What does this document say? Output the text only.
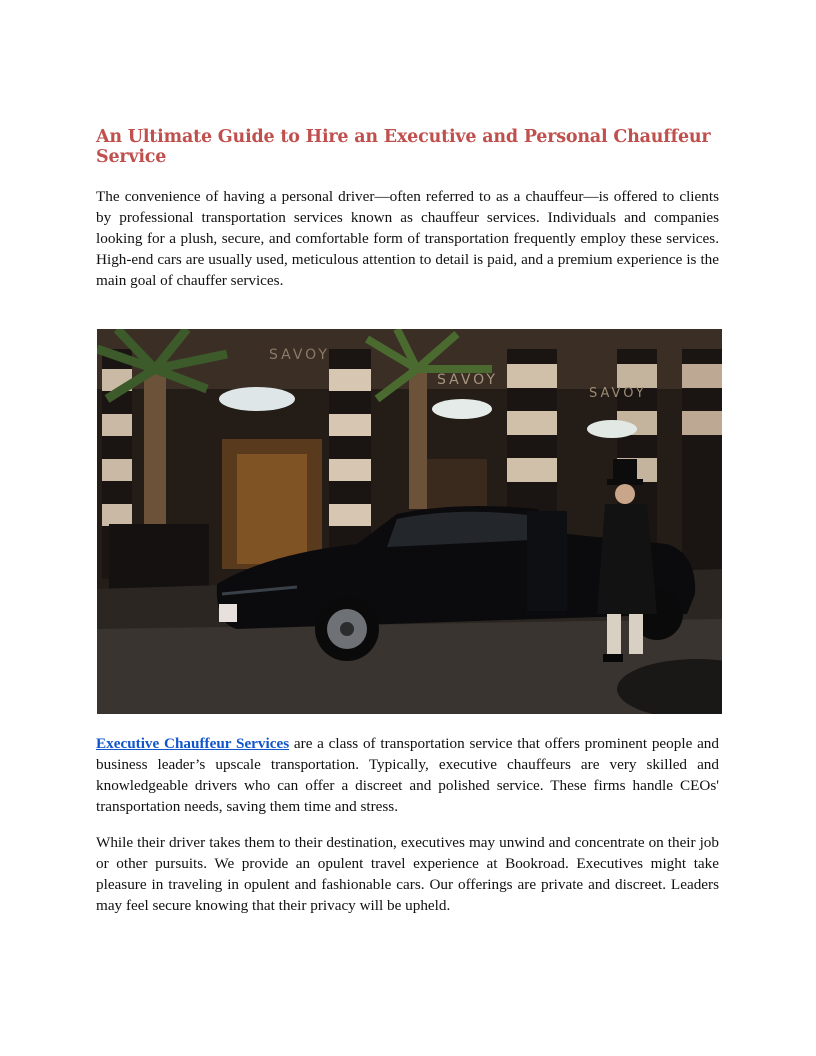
An Ultimate Guide to Hire an Executive and Personal Chauffeur Service

The convenience of having a personal driver—often referred to as a chauffeur—is offered to clients by professional transportation services known as chauffeur services. Individuals and companies looking for a plush, secure, and comfortable form of transportation frequently employ these services. High-end cars are usually used, meticulous attention to detail is paid, and a premium experience is the main goal of chauffer services.

SAVOY
SAVOY
SAVOY

Executive Chauffeur Services are a class of transportation service that offers prominent people and business leader’s upscale transportation. Typically, executive chauffeurs are very skilled and knowledgeable drivers who can offer a discreet and polished service. These firms handle CEOs' transportation needs, saving them time and stress.

While their driver takes them to their destination, executives may unwind and concentrate on their job or other pursuits. We provide an opulent travel experience at Bookroad. Executives might take pleasure in traveling in opulent and fashionable cars. Our offerings are private and discreet. Leaders may feel secure knowing that their privacy will be upheld.
